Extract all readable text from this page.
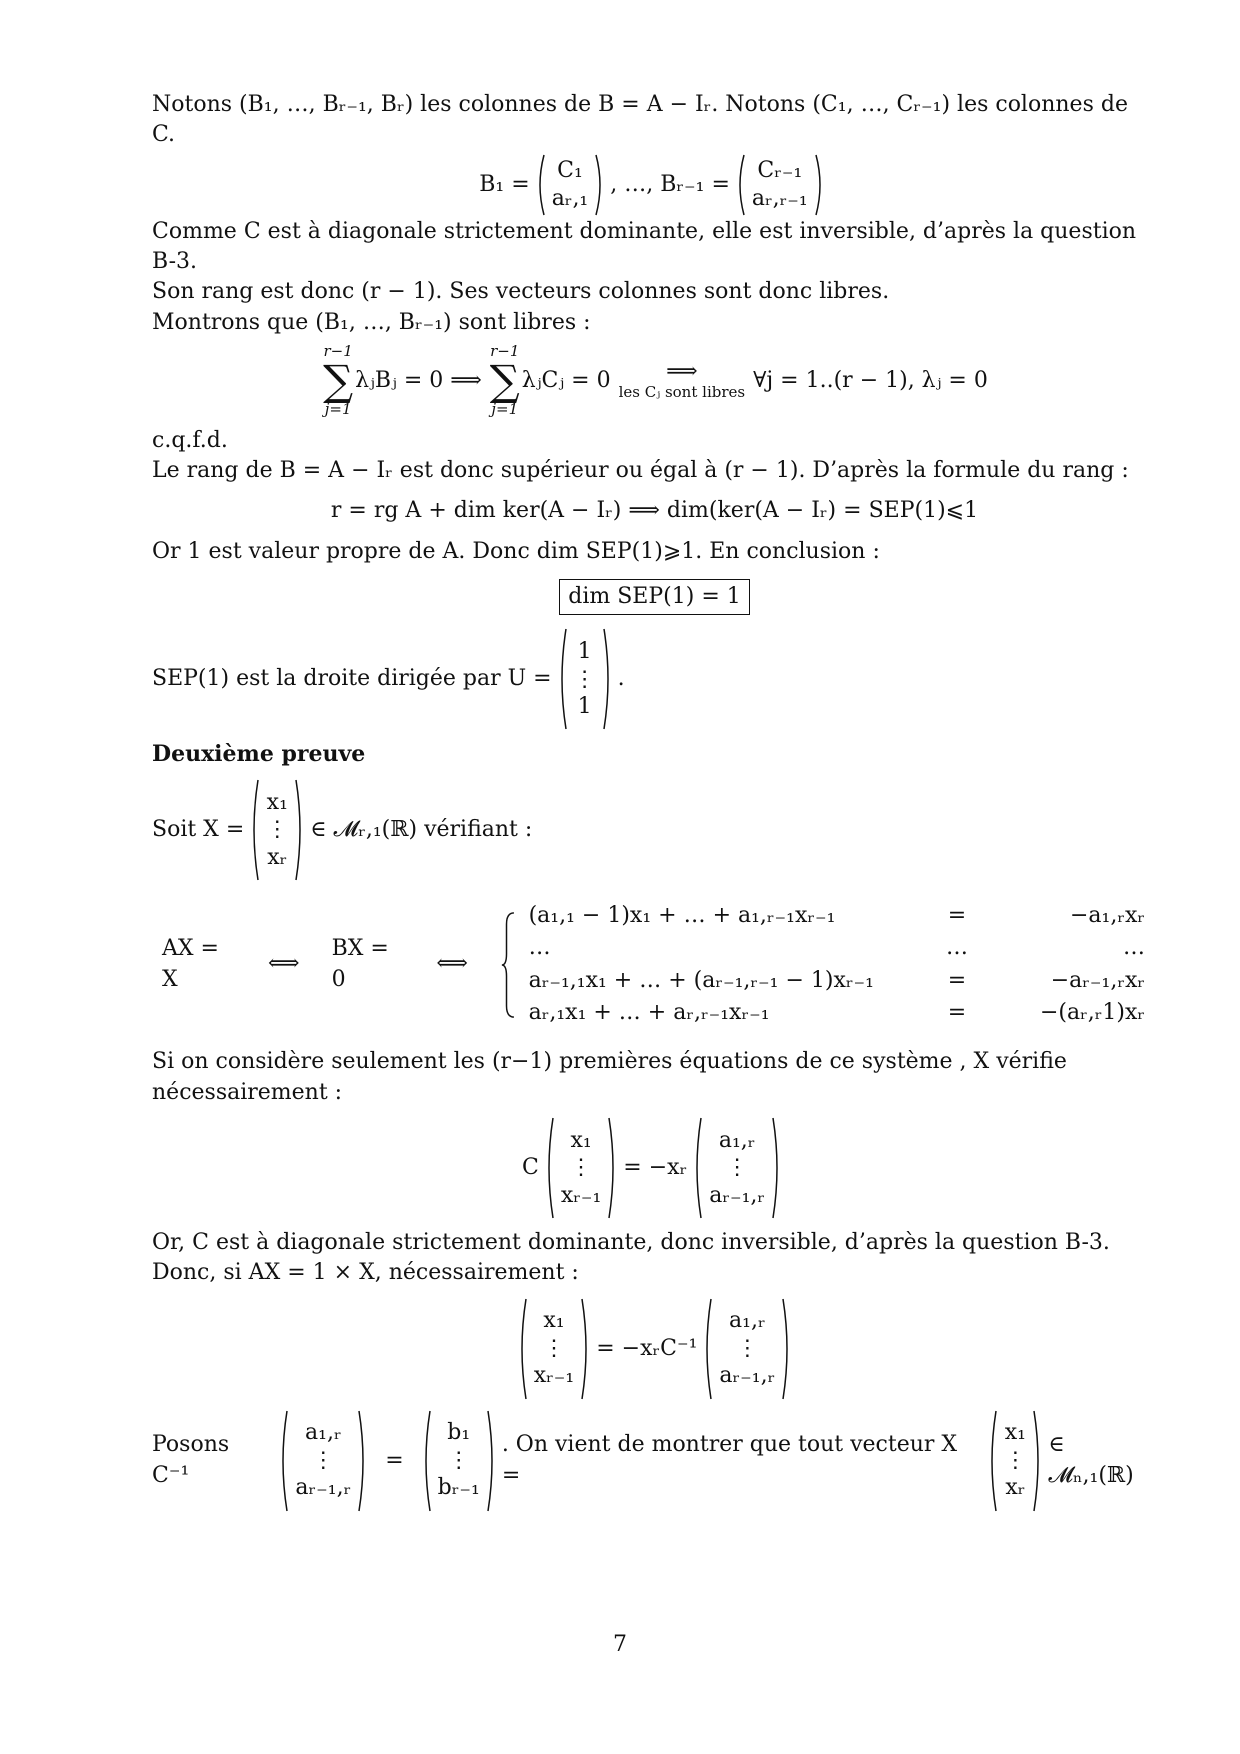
Notons (B₁, …, Bᵣ₋₁, Bᵣ) les colonnes de B = A − Iᵣ. Notons (C₁, …, Cᵣ₋₁) les colonnes de C.

B₁ =
C₁
aᵣ,₁
, …, Bᵣ₋₁ =
Cᵣ₋₁
aᵣ,ᵣ₋₁

Comme C est à diagonale strictement dominante, elle est inversible, d’après la question B-3.

Son rang est donc (r − 1). Ses vecteurs colonnes sont donc libres.

Montrons que (B₁, …, Bᵣ₋₁) sont libres :

r−1
∑
j=1
λⱼBⱼ = 0 ⟹
r−1
∑
j=1
λⱼCⱼ = 0	⟹
les Cⱼ sont libres ∀j = 1..(r − 1), λⱼ = 0

c.q.f.d.

Le rang de B = A − Iᵣ est donc supérieur ou égal à (r − 1). D’après la formule du rang :

r = rg A + dim ker(A − Iᵣ) ⟹ dim(ker(A − Iᵣ) = SEP(1)⩽1

Or 1 est valeur propre de A. Donc dim SEP(1)⩾1. En conclusion :

dim SEP(1) = 1
SEP(1) est la droite dirigée par U =
1
⋮
1
.

Deuxième preuve

Soit X =
x₁
⋮
xᵣ
∈ 𝓜ᵣ,₁(ℝ) vérifiant :
AX = X
⟺
BX = 0
⟺
(a₁,₁ − 1)x₁ + … + a₁,ᵣ₋₁xᵣ₋₁	=	−a₁,ᵣxᵣ
…	…	…
aᵣ₋₁,₁x₁ + … + (aᵣ₋₁,ᵣ₋₁ − 1)xᵣ₋₁	=	−aᵣ₋₁,ᵣxᵣ
aᵣ,₁x₁ + … + aᵣ,ᵣ₋₁xᵣ₋₁	=	−(aᵣ,ᵣ1)xᵣ

Si on considère seulement les (r−1) premières équations de ce système , X vérifie nécessairement :

C
x₁
⋮
xᵣ₋₁
= −xᵣ
a₁,ᵣ
⋮
aᵣ₋₁,ᵣ

Or, C est à diagonale strictement dominante, donc inversible, d’après la question B-3. Donc, si AX = 1 × X, nécessairement :

x₁
⋮
xᵣ₋₁
= −xᵣC⁻¹
a₁,ᵣ
⋮
aᵣ₋₁,ᵣ
Posons C⁻¹
a₁,ᵣ
⋮
aᵣ₋₁,ᵣ
=
b₁
⋮
bᵣ₋₁
. On vient de montrer que tout vecteur X =
x₁
⋮
xᵣ
∈ 𝓜ₙ,₁(ℝ)
7
